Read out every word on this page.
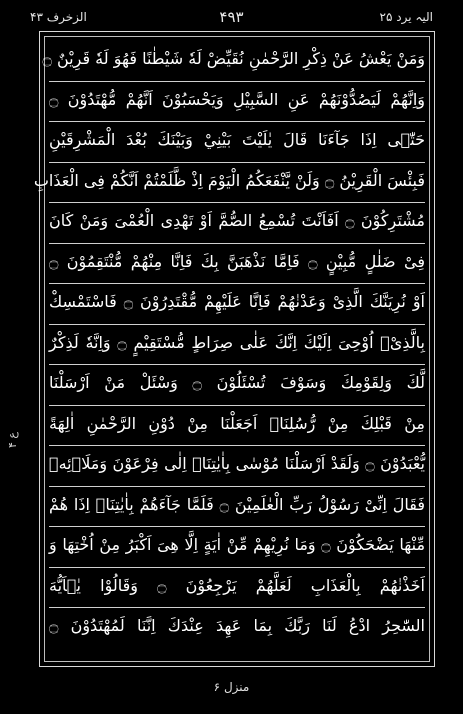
الزخرف ۴۳	۴۹۳	الیہ یرد ۲۵
ع ۴
وَمَنْ يَعْشُ عَنْ ذِكْرِ الرَّحْمٰنِ نُقَيِّضْ لَهٗ شَيْطٰنًا فَهُوَ لَهٗ قَرِيْنٌ ۝
وَاِنَّهُمْ لَيَصُدُّوْنَهُمْ عَنِ السَّبِيْلِ وَيَحْسَبُوْنَ اَنَّهُمْ مُّهْتَدُوْنَ ۝
حَتّٰۤى اِذَا جَآءَنَا قَالَ يٰلَيْتَ بَيْنِيْ وَبَيْنَكَ بُعْدَ الْمَشْرِقَيْنِ
فَبِئْسَ الْقَرِيْنُ ۝ وَلَنْ يَّنْفَعَكُمُ الْيَوْمَ اِذْ ظَّلَمْتُمْ اَنَّكُمْ فِى الْعَذَابِ
مُشْتَرِكُوْنَ ۝ اَفَاَنْتَ تُسْمِعُ الصُّمَّ اَوْ تَهْدِى الْعُمْىَ وَمَنْ كَانَ
فِىْ ضَلٰلٍ مُّبِيْنٍ ۝ فَاِمَّا نَذْهَبَنَّ بِكَ فَاِنَّا مِنْهُمْ مُّنْتَقِمُوْنَ ۝
اَوْ نُرِيَنَّكَ الَّذِىْ وَعَدْنٰهُمْ فَاِنَّا عَلَيْهِمْ مُّقْتَدِرُوْنَ ۝ فَاسْتَمْسِكْ
بِالَّذِىْۤ اُوْحِىَ اِلَيْكَ اِنَّكَ عَلٰى صِرَاطٍ مُّسْتَقِيْمٍ ۝ وَاِنَّهٗ لَذِكْرٌ
لَّكَ وَلِقَوْمِكَ وَسَوْفَ تُسْئَلُوْنَ ۝ وَسْئَلْ مَنْ اَرْسَلْنَا
مِنْ قَبْلِكَ مِنْ رُّسُلِنَاۤ اَجَعَلْنَا مِنْ دُوْنِ الرَّحْمٰنِ اٰلِهَةً
يُّعْبَدُوْنَ ۝ وَلَقَدْ اَرْسَلْنَا مُوْسٰى بِاٰيٰتِنَاۤ اِلٰى فِرْعَوْنَ وَمَلَا۟ئِهٖ
فَقَالَ اِنِّىْ رَسُوْلُ رَبِّ الْعٰلَمِيْنَ ۝ فَلَمَّا جَآءَهُمْ بِاٰيٰتِنَاۤ اِذَا هُمْ
مِّنْهَا يَضْحَكُوْنَ ۝ وَمَا نُرِيْهِمْ مِّنْ اٰيَةٍ اِلَّا هِىَ اَكْبَرُ مِنْ اُخْتِهَا وَ
اَخَذْنٰهُمْ بِالْعَذَابِ لَعَلَّهُمْ يَرْجِعُوْنَ ۝ وَقَالُوْا يٰۤاَيُّهَ
السّٰحِرُ ادْعُ لَنَا رَبَّكَ بِمَا عَهِدَ عِنْدَكَ اِنَّنَا لَمُهْتَدُوْنَ ۝
منزل ۶
